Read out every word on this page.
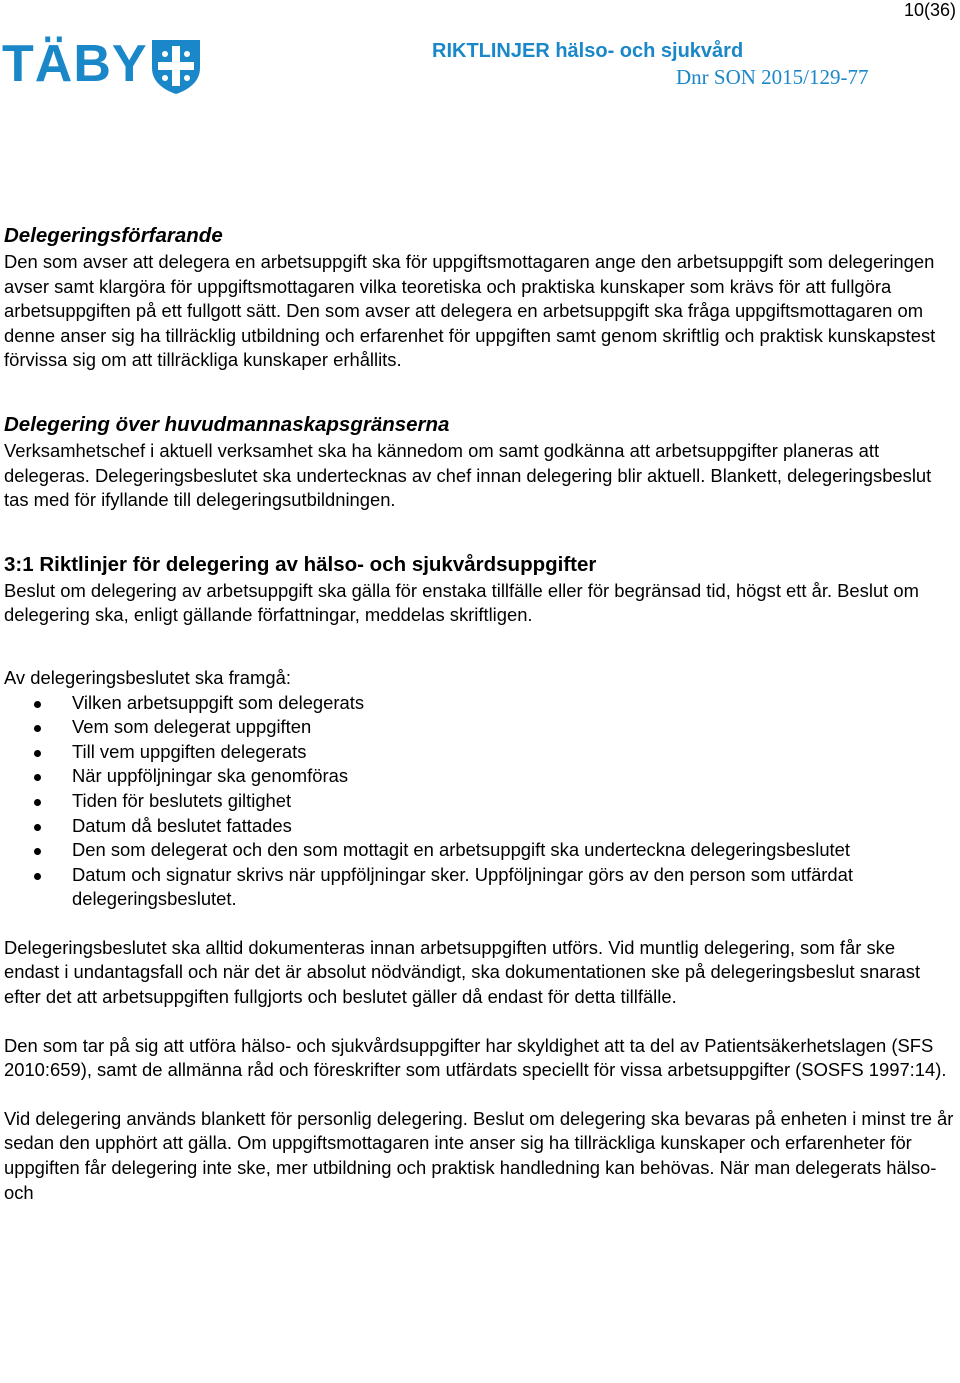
10(36)
TÄBY	RIKTLINJER hälso- och sjukvård
Dnr SON 2015/129-77
Delegeringsförfarande

Den som avser att delegera en arbetsuppgift ska för uppgiftsmottagaren ange den arbetsuppgift som delegeringen avser samt klargöra för uppgiftsmottagaren vilka teoretiska och praktiska kunskaper som krävs för att fullgöra arbetsuppgiften på ett fullgott sätt. Den som avser att delegera en arbetsuppgift ska fråga uppgiftsmottagaren om denne anser sig ha tillräcklig utbildning och erfarenhet för uppgiften samt genom skriftlig och praktisk kunskapstest förvissa sig om att tillräckliga kunskaper erhållits.

Delegering över huvudmannaskapsgränserna

Verksamhetschef i aktuell verksamhet ska ha kännedom om samt godkänna att arbetsuppgifter planeras att delegeras. Delegeringsbeslutet ska undertecknas av chef innan delegering blir aktuell. Blankett, delegeringsbeslut tas med för ifyllande till delegeringsutbildningen.

3:1 Riktlinjer för delegering av hälso- och sjukvårdsuppgifter

Beslut om delegering av arbetsuppgift ska gälla för enstaka tillfälle eller för begränsad tid, högst ett år. Beslut om delegering ska, enligt gällande författningar, meddelas skriftligen.

Av delegeringsbeslutet ska framgå:

Vilken arbetsuppgift som delegerats
Vem som delegerat uppgiften
Till vem uppgiften delegerats
När uppföljningar ska genomföras
Tiden för beslutets giltighet
Datum då beslutet fattades
Den som delegerat och den som mottagit en arbetsuppgift ska underteckna delegeringsbeslutet
Datum och signatur skrivs när uppföljningar sker. Uppföljningar görs av den person som utfärdat delegeringsbeslutet.

Delegeringsbeslutet ska alltid dokumenteras innan arbetsuppgiften utförs. Vid muntlig delegering, som får ske endast i undantagsfall och när det är absolut nödvändigt, ska dokumentationen ske på delegeringsbeslut snarast efter det att arbetsuppgiften fullgjorts och beslutet gäller då endast för detta tillfälle.

Den som tar på sig att utföra hälso- och sjukvårdsuppgifter har skyldighet att ta del av Patientsäkerhetslagen (SFS 2010:659), samt de allmänna råd och föreskrifter som utfärdats speciellt för vissa arbetsuppgifter (SOSFS 1997:14).

Vid delegering används blankett för personlig delegering. Beslut om delegering ska bevaras på enheten i minst tre år sedan den upphört att gälla. Om uppgiftsmottagaren inte anser sig ha tillräckliga kunskaper och erfarenheter för uppgiften får delegering inte ske, mer utbildning och praktisk handledning kan behövas. När man delegerats hälso- och
